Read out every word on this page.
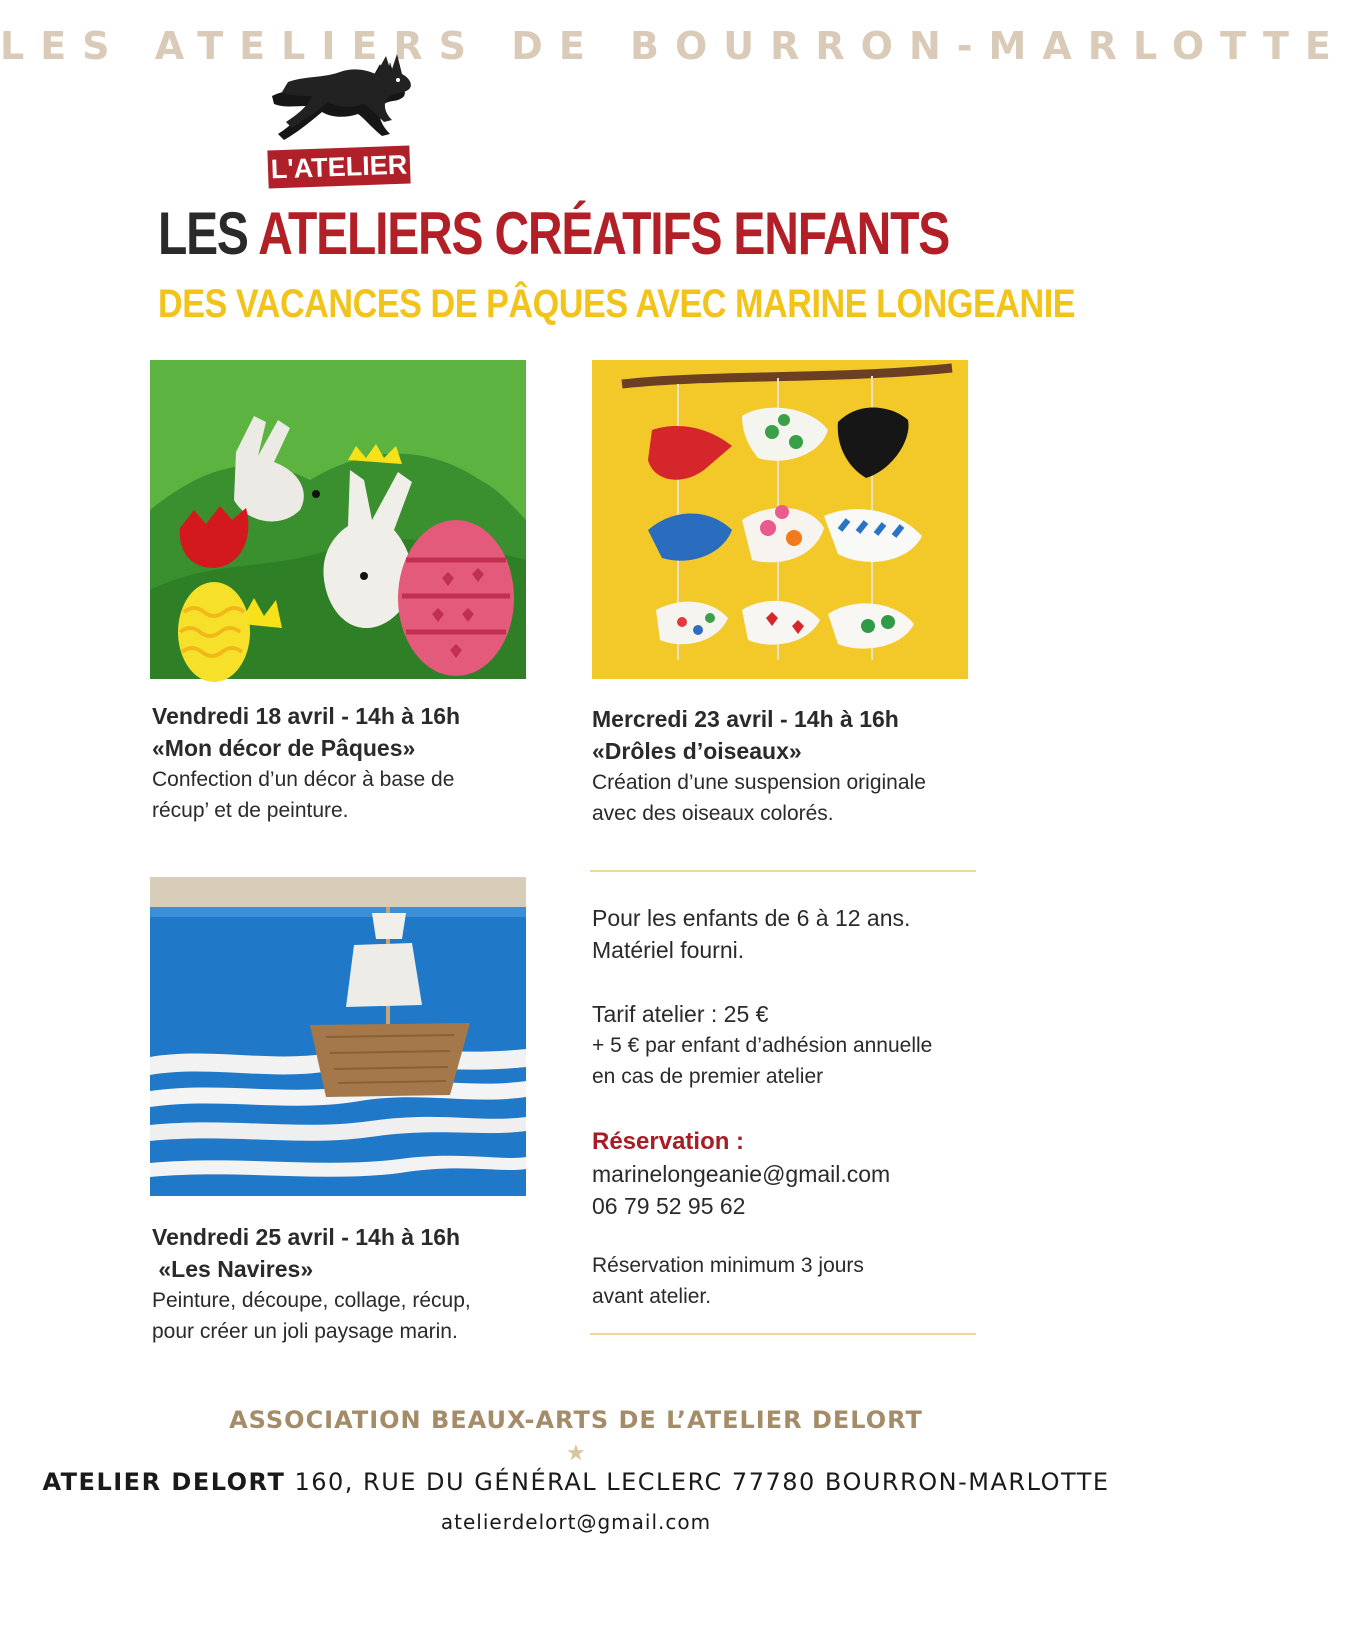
LES ATELIERS DE BOURRON-MARLOTTE
L'ATELIER
LES ATELIERS CRÉATIFS ENFANTS
DES VACANCES DE PÂQUES AVEC MARINE LONGEANIE
Vendredi 18 avril - 14h à 16h
«Mon décor de Pâques»
Confection d’un décor à base de
récup’ et de peinture.
Mercredi 23 avril - 14h à 16h
«Drôles d’oiseaux»
Création d’une suspension originale
avec des oiseaux colorés.
Pour les enfants de 6 à 12 ans.
Matériel fourni.
Tarif atelier : 25 €
+ 5 € par enfant d’adhésion annuelle
en cas de premier atelier
Réservation :
marinelongeanie@gmail.com
06 79 52 95 62
Réservation minimum 3 jours
avant atelier.
Vendredi 25 avril - 14h à 16h
«Les Navires»
Peinture, découpe, collage, récup,
pour créer un joli paysage marin.
ASSOCIATION BEAUX-ARTS DE L’ATELIER DELORT
★
ATELIER DELORT 160, RUE DU GÉNÉRAL LECLERC 77780 BOURRON-MARLOTTE
atelierdelort@gmail.com
